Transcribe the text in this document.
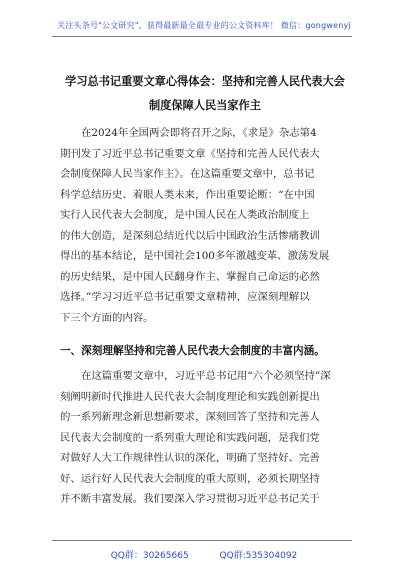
关注头条号"公文研究"，获得最新最全最专业的公文资料库！ 微信：gongwenyj
学习总书记重要文章心得体会：坚持和完善人民代表大会
制度保障人民当家作主
在2024年全国两会即将召开之际，《求是》杂志第4
期刊发了习近平总书记重要文章《坚持和完善人民代表大
会制度保障人民当家作主》。在这篇重要文章中，总书记
科学总结历史、着眼人类未来，作出重要论断：“在中国
实行人民代表大会制度，是中国人民在人类政治制度上
的伟大创造，是深刻总结近代以后中国政治生活惨痛教训
得出的基本结论，是中国社会100多年激越变革、激荡发展
的历史结果，是中国人民翻身作主、掌握自己命运的必然
选择。”学习习近平总书记重要文章精神，应深刻理解以
下三个方面的内容。
一、深刻理解坚持和完善人民代表大会制度的丰富内涵。
在这篇重要文章中，习近平总书记用“六个必须坚持”深
刻阐明新时代推进人民代表大会制度理论和实践创新提出
的一系列新理念新思想新要求，深刻回答了坚持和完善人
民代表大会制度的一系列重大理论和实践问题，是我们党
对做好人大工作规律性认识的深化，明确了坚持好、完善
好、运行好人民代表大会制度的重大原则，必须长期坚持
并不断丰富发展。我们要深入学习贯彻习近平总书记关于
QQ群：30265665	QQ群:535304092
